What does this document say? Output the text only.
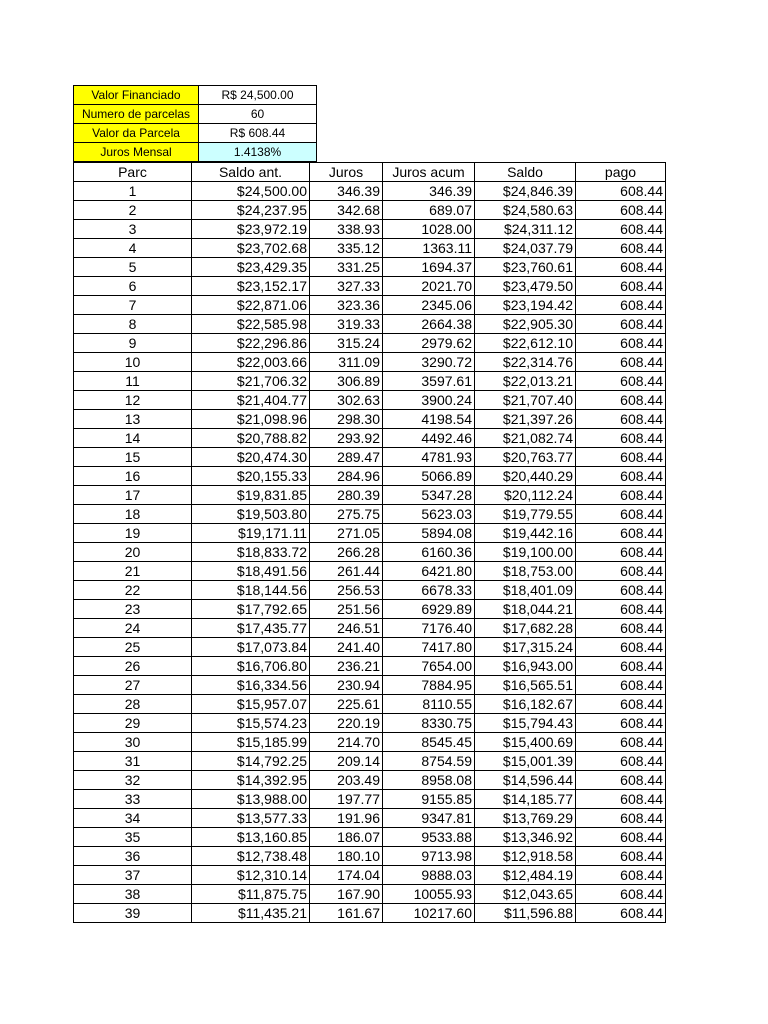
Valor Financiado	R$ 24,500.00
Numero de parcelas	60
Valor da Parcela	R$ 608.44
Juros Mensal	1.4138%
Parc	Saldo ant.	Juros	Juros acum	Saldo	pago
1	$24,500.00	346.39	346.39	$24,846.39	608.44
2	$24,237.95	342.68	689.07	$24,580.63	608.44
3	$23,972.19	338.93	1028.00	$24,311.12	608.44
4	$23,702.68	335.12	1363.11	$24,037.79	608.44
5	$23,429.35	331.25	1694.37	$23,760.61	608.44
6	$23,152.17	327.33	2021.70	$23,479.50	608.44
7	$22,871.06	323.36	2345.06	$23,194.42	608.44
8	$22,585.98	319.33	2664.38	$22,905.30	608.44
9	$22,296.86	315.24	2979.62	$22,612.10	608.44
10	$22,003.66	311.09	3290.72	$22,314.76	608.44
11	$21,706.32	306.89	3597.61	$22,013.21	608.44
12	$21,404.77	302.63	3900.24	$21,707.40	608.44
13	$21,098.96	298.30	4198.54	$21,397.26	608.44
14	$20,788.82	293.92	4492.46	$21,082.74	608.44
15	$20,474.30	289.47	4781.93	$20,763.77	608.44
16	$20,155.33	284.96	5066.89	$20,440.29	608.44
17	$19,831.85	280.39	5347.28	$20,112.24	608.44
18	$19,503.80	275.75	5623.03	$19,779.55	608.44
19	$19,171.11	271.05	5894.08	$19,442.16	608.44
20	$18,833.72	266.28	6160.36	$19,100.00	608.44
21	$18,491.56	261.44	6421.80	$18,753.00	608.44
22	$18,144.56	256.53	6678.33	$18,401.09	608.44
23	$17,792.65	251.56	6929.89	$18,044.21	608.44
24	$17,435.77	246.51	7176.40	$17,682.28	608.44
25	$17,073.84	241.40	7417.80	$17,315.24	608.44
26	$16,706.80	236.21	7654.00	$16,943.00	608.44
27	$16,334.56	230.94	7884.95	$16,565.51	608.44
28	$15,957.07	225.61	8110.55	$16,182.67	608.44
29	$15,574.23	220.19	8330.75	$15,794.43	608.44
30	$15,185.99	214.70	8545.45	$15,400.69	608.44
31	$14,792.25	209.14	8754.59	$15,001.39	608.44
32	$14,392.95	203.49	8958.08	$14,596.44	608.44
33	$13,988.00	197.77	9155.85	$14,185.77	608.44
34	$13,577.33	191.96	9347.81	$13,769.29	608.44
35	$13,160.85	186.07	9533.88	$13,346.92	608.44
36	$12,738.48	180.10	9713.98	$12,918.58	608.44
37	$12,310.14	174.04	9888.03	$12,484.19	608.44
38	$11,875.75	167.90	10055.93	$12,043.65	608.44
39	$11,435.21	161.67	10217.60	$11,596.88	608.44
